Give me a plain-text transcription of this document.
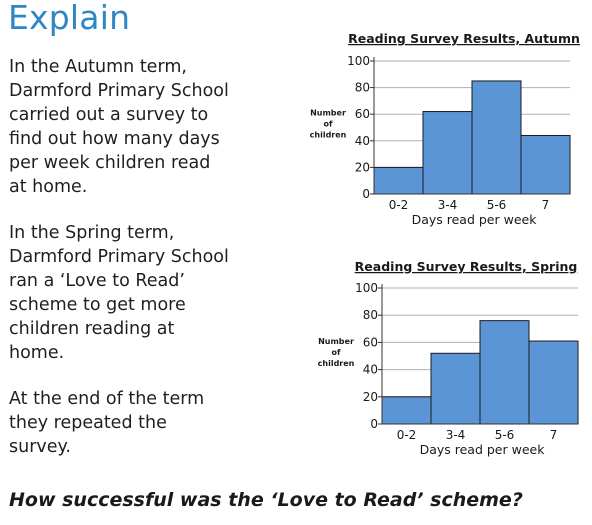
Explain

In the Autumn term,
Darmford Primary School
carried out a survey to
find out how many days
per week children read
at home.

In the Spring term,
Darmford Primary School
ran a ‘Love to Read’
scheme to get more
children reading at
home.

At the end of the term
they repeated the
survey.

Reading Survey Results, Autumn
0
20
40
60
80
100
0-2 3-4 5-6	7
Days read per week
Number
of
children
Reading Survey Results, Spring
0
20
40
60
80
100
0-2 3-4 5-6	7
Days read per week
Number
of
children

How successful was the ‘Love to Read’ scheme?
